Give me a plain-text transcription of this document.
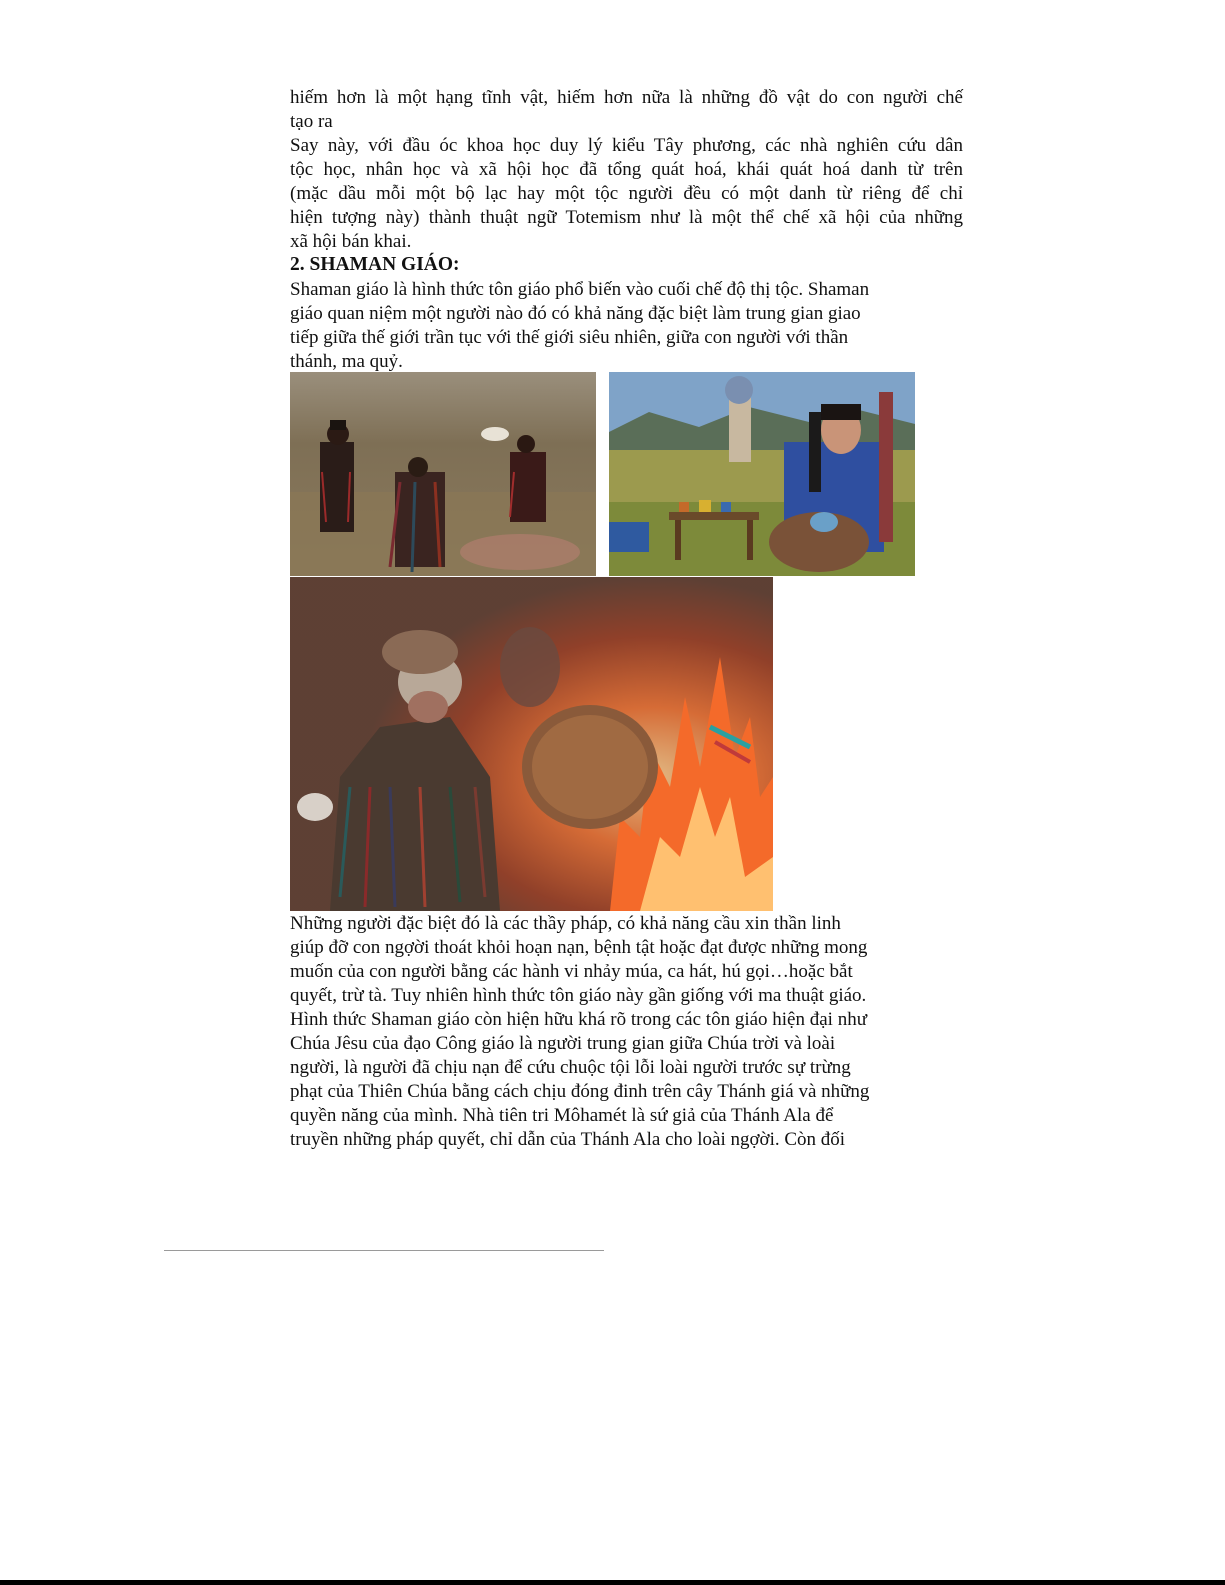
hiếm hơn là một hạng tĩnh vật, hiếm hơn nữa là những đồ vật do con người chế
tạo ra
Say này, với đầu óc khoa học duy lý kiểu Tây phương, các nhà nghiên cứu dân
tộc học, nhân học và xã hội học đã tổng quát hoá, khái quát hoá danh từ trên
(mặc dầu mỗi một bộ lạc hay một tộc người đều có một danh từ riêng để chỉ
hiện tượng này) thành thuật ngữ Totemism như là một thể chế xã hội của những
xã hội bán khai.
2. SHAMAN GIÁO:
Shaman giáo là hình thức tôn giáo phổ biến vào cuối chế độ thị tộc. Shaman
giáo quan niệm một người nào đó có khả năng đặc biệt làm trung gian giao
tiếp giữa thế giới trần tục với thế giới siêu nhiên, giữa con người với thần
thánh, ma quỷ.
Những người đặc biệt đó là các thầy pháp, có khả năng cầu xin thần linh
giúp đỡ con ngợời thoát khỏi hoạn nạn, bệnh tật hoặc đạt được những mong
muốn của con người bằng các hành vi nhảy múa, ca hát, hú gọi…hoặc bắt
quyết, trừ tà. Tuy nhiên hình thức tôn giáo này gần giống với ma thuật giáo.
Hình thức Shaman giáo còn hiện hữu khá rõ trong các tôn giáo hiện đại như
Chúa Jêsu của đạo Công giáo là người trung gian giữa Chúa trời và loài
người, là người đã chịu nạn để cứu chuộc tội lỗi loài người trước sự trừng
phạt của Thiên Chúa bằng cách chịu đóng đinh trên cây Thánh giá và những
quyền năng của mình. Nhà tiên tri Môhamét là sứ giả của Thánh Ala để
truyền những pháp quyết, chỉ dẫn của Thánh Ala cho loài ngợời. Còn đối
